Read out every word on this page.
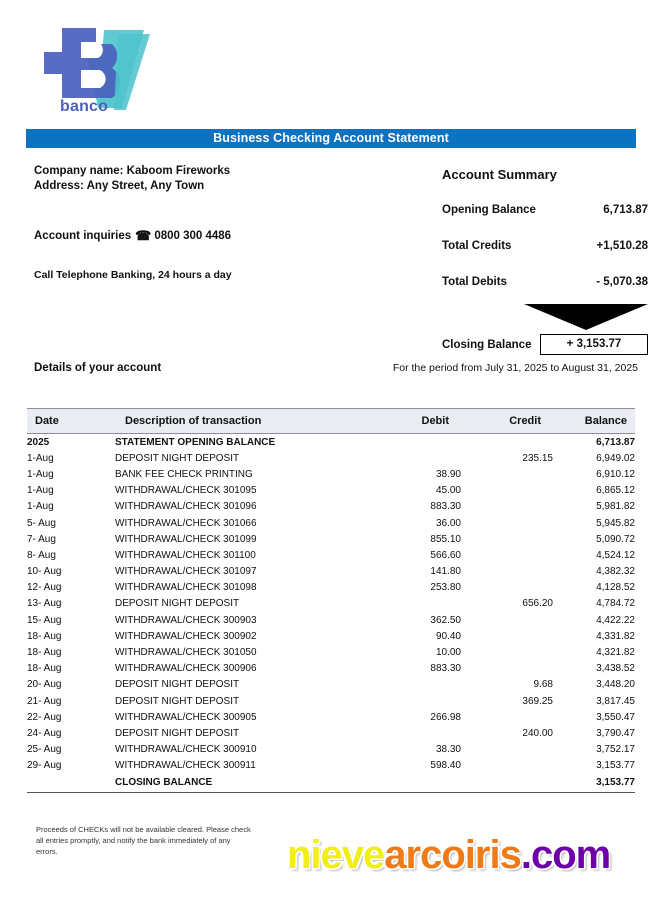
banco
Business Checking Account Statement
Company name: Kaboom Fireworks
Address: Any Street, Any Town
Account inquiries ☎ 0800 300 4486
Call Telephone Banking, 24 hours a day
Account Summary
Opening Balance	6,713.87
Total Credits	+1,510.28
Total Debits	- 5,070.38
Closing Balance	+ 3,153.77
Details of your account	For the period from July 31, 2025 to August 31, 2025
Date	Description of transaction	Debit	Credit	Balance
2025	STATEMENT OPENING BALANCE			6,713.87
1-Aug	DEPOSIT NIGHT DEPOSIT		235.15	6,949.02
1-Aug	BANK FEE CHECK PRINTING	38.90		6,910.12
1-Aug	WITHDRAWAL/CHECK 301095	45.00		6,865.12
1-Aug	WITHDRAWAL/CHECK 301096	883.30		5,981.82
5- Aug	WITHDRAWAL/CHECK 301066	36.00		5,945.82
7- Aug	WITHDRAWAL/CHECK 301099	855.10		5,090.72
8- Aug	WITHDRAWAL/CHECK 301100	566.60		4,524.12
10- Aug	WITHDRAWAL/CHECK 301097	141.80		4,382.32
12- Aug	WITHDRAWAL/CHECK 301098	253.80		4,128.52
13- Aug	DEPOSIT NIGHT DEPOSIT		656.20	4,784.72
15- Aug	WITHDRAWAL/CHECK 300903	362.50		4,422.22
18- Aug	WITHDRAWAL/CHECK 300902	90.40		4,331.82
18- Aug	WITHDRAWAL/CHECK 301050	10.00		4,321.82
18- Aug	WITHDRAWAL/CHECK 300906	883.30		3,438.52
20- Aug	DEPOSIT NIGHT DEPOSIT		9.68	3,448.20
21- Aug	DEPOSIT NIGHT DEPOSIT		369.25	3,817.45
22- Aug	WITHDRAWAL/CHECK 300905	266.98		3,550.47
24- Aug	DEPOSIT NIGHT DEPOSIT		240.00	3,790.47
25- Aug	WITHDRAWAL/CHECK 300910	38.30		3,752.17
29- Aug	WITHDRAWAL/CHECK 300911	598.40		3,153.77
	CLOSING BALANCE			3,153.77
Proceeds of CHECKs will not be available cleared. Please check all entries promptly, and notify the bank immediately of any errors.	nievearcoiris.com
